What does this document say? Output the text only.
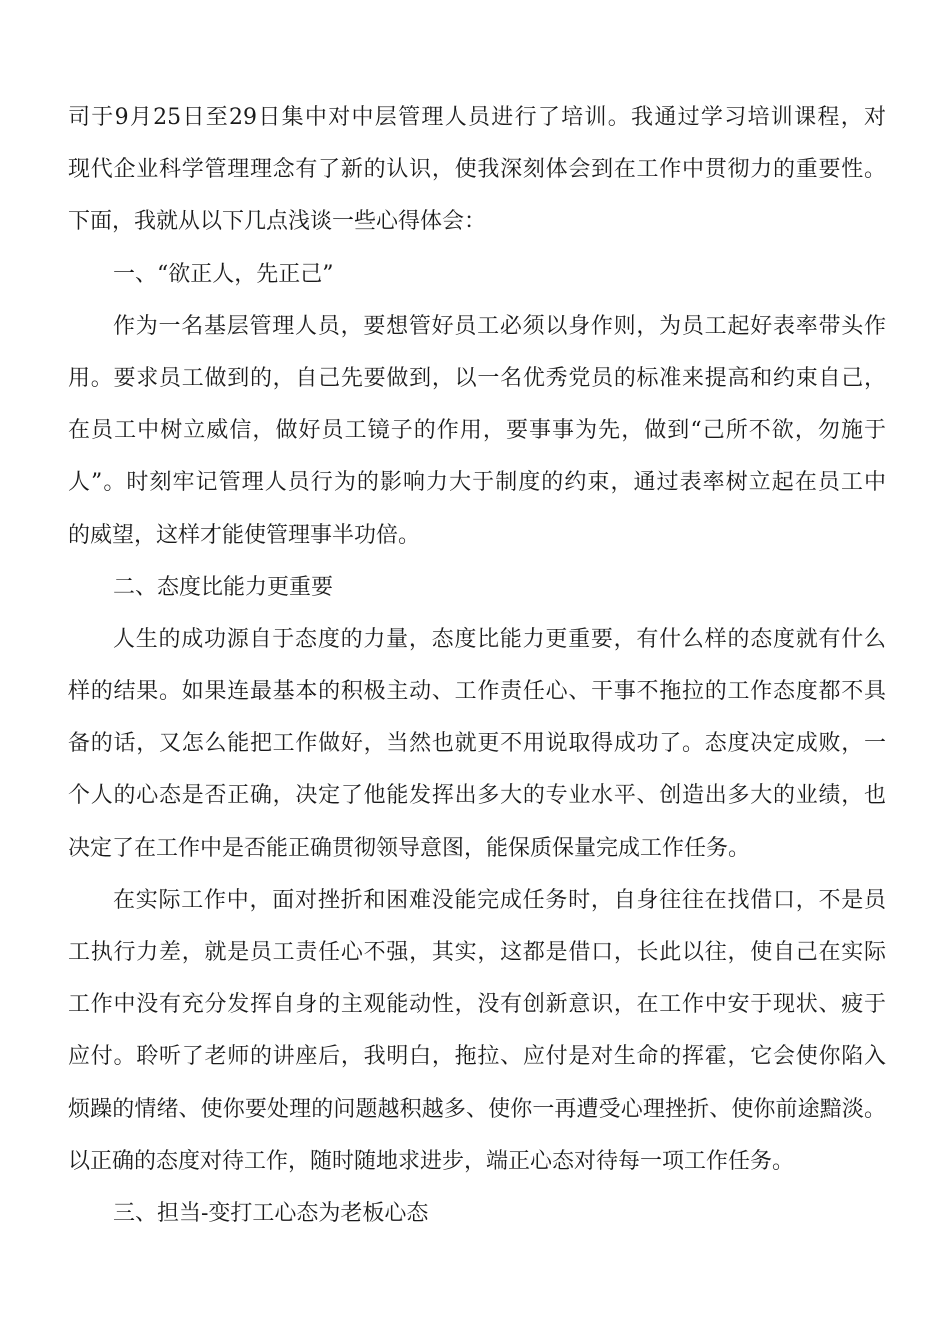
司于9月25日至29日集中对中层管理人员进行了培训。我通过学习培训课程，对
现代企业科学管理理念有了新的认识，使我深刻体会到在工作中贯彻力的重要性。
下面，我就从以下几点浅谈一些心得体会：
一、“欲正人，先正己”
作为一名基层管理人员，要想管好员工必须以身作则，为员工起好表率带头作
用。要求员工做到的，自己先要做到，以一名优秀党员的标准来提高和约束自己，
在员工中树立威信，做好员工镜子的作用，要事事为先，做到“己所不欲，勿施于
人”。时刻牢记管理人员行为的影响力大于制度的约束，通过表率树立起在员工中
的威望，这样才能使管理事半功倍。
二、态度比能力更重要
人生的成功源自于态度的力量，态度比能力更重要，有什么样的态度就有什么
样的结果。如果连最基本的积极主动、工作责任心、干事不拖拉的工作态度都不具
备的话，又怎么能把工作做好，当然也就更不用说取得成功了。态度决定成败，一
个人的心态是否正确，决定了他能发挥出多大的专业水平、创造出多大的业绩，也
决定了在工作中是否能正确贯彻领导意图，能保质保量完成工作任务。
在实际工作中，面对挫折和困难没能完成任务时，自身往往在找借口，不是员
工执行力差，就是员工责任心不强，其实，这都是借口，长此以往，使自己在实际
工作中没有充分发挥自身的主观能动性，没有创新意识，在工作中安于现状、疲于
应付。聆听了老师的讲座后，我明白，拖拉、应付是对生命的挥霍，它会使你陷入
烦躁的情绪、使你要处理的问题越积越多、使你一再遭受心理挫折、使你前途黯淡。
以正确的态度对待工作，随时随地求进步，端正心态对待每一项工作任务。
三、担当-变打工心态为老板心态
